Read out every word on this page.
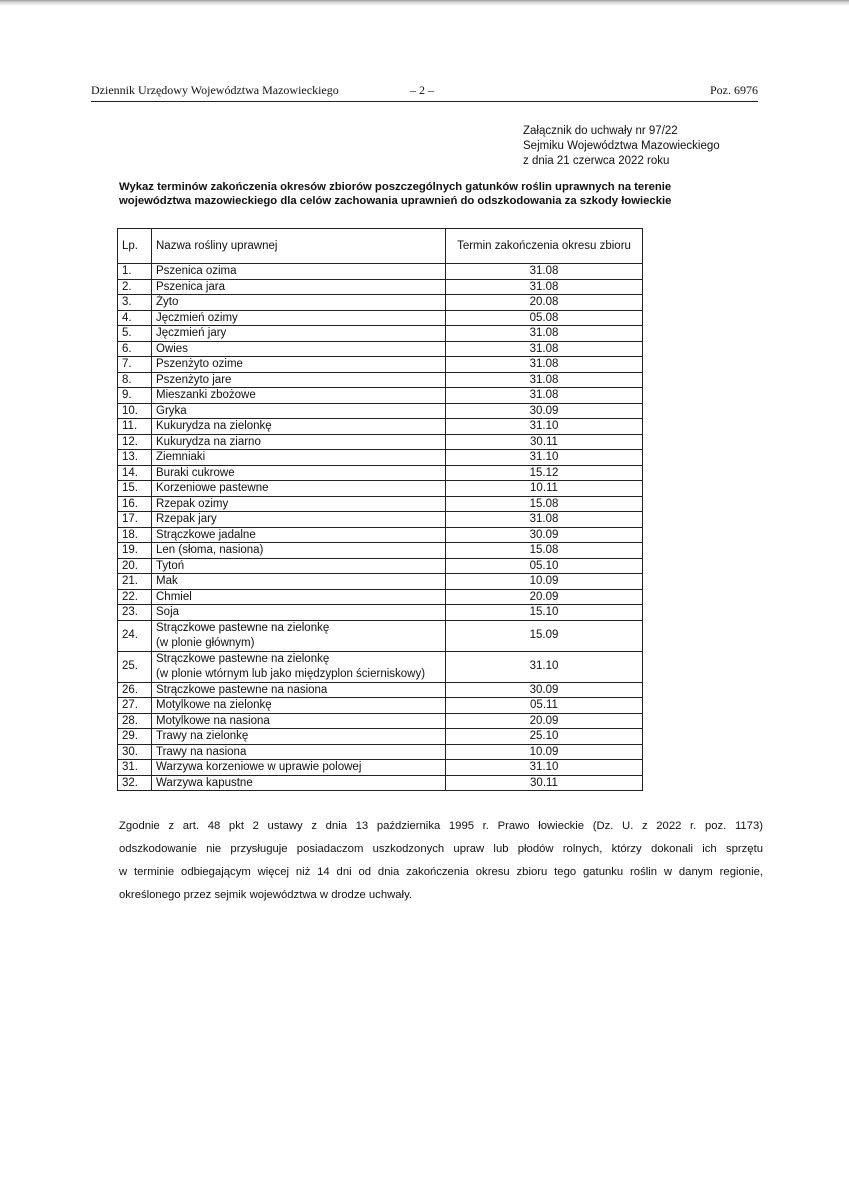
Dziennik Urzędowy Województwa Mazowieckiego	– 2 –	Poz. 6976
Załącznik do uchwały nr 97/22
Sejmiku Województwa Mazowieckiego
z dnia 21 czerwca 2022 roku
Wykaz terminów zakończenia okresów zbiorów poszczególnych gatunków roślin uprawnych na terenie
województwa mazowieckiego dla celów zachowania uprawnień do odszkodowania za szkody łowieckie
Lp.	Nazwa rośliny uprawnej	Termin zakończenia okresu zbioru
1.	Pszenica ozima	31.08
2.	Pszenica jara	31.08
3.	Żyto	20.08
4.	Jęczmień ozimy	05.08
5.	Jęczmień jary	31.08
6.	Owies	31.08
7.	Pszenżyto ozime	31.08
8.	Pszenżyto jare	31.08
9.	Mieszanki zbożowe	31.08
10.	Gryka	30.09
11.	Kukurydza na zielonkę	31.10
12.	Kukurydza na ziarno	30.11
13.	Ziemniaki	31.10
14.	Buraki cukrowe	15.12
15.	Korzeniowe pastewne	10.11
16.	Rzepak ozimy	15.08
17.	Rzepak jary	31.08
18.	Strączkowe jadalne	30.09
19.	Len (słoma, nasiona)	15.08
20.	Tytoń	05.10
21.	Mak	10.09
22.	Chmiel	20.09
23.	Soja	15.10
24.	Strączkowe pastewne na zielonkę
(w plonie głównym)	15.09
25.	Strączkowe pastewne na zielonkę
(w plonie wtórnym lub jako międzyplon ścierniskowy)	31.10
26.	Strączkowe pastewne na nasiona	30.09
27.	Motylkowe na zielonkę	05.11
28.	Motylkowe na nasiona	20.09
29.	Trawy na zielonkę	25.10
30.	Trawy na nasiona	10.09
31.	Warzywa korzeniowe w uprawie polowej	31.10
32.	Warzywa kapustne	30.11
Zgodnie z art. 48 pkt 2 ustawy z dnia 13 października 1995 r. Prawo łowieckie (Dz. U. z 2022 r. poz. 1173)
odszkodowanie nie przysługuje posiadaczom uszkodzonych upraw lub płodów rolnych, którzy dokonali ich sprzętu
w terminie odbiegającym więcej niż 14 dni od dnia zakończenia okresu zbioru tego gatunku roślin w danym regionie,
określonego przez sejmik województwa w drodze uchwały.
